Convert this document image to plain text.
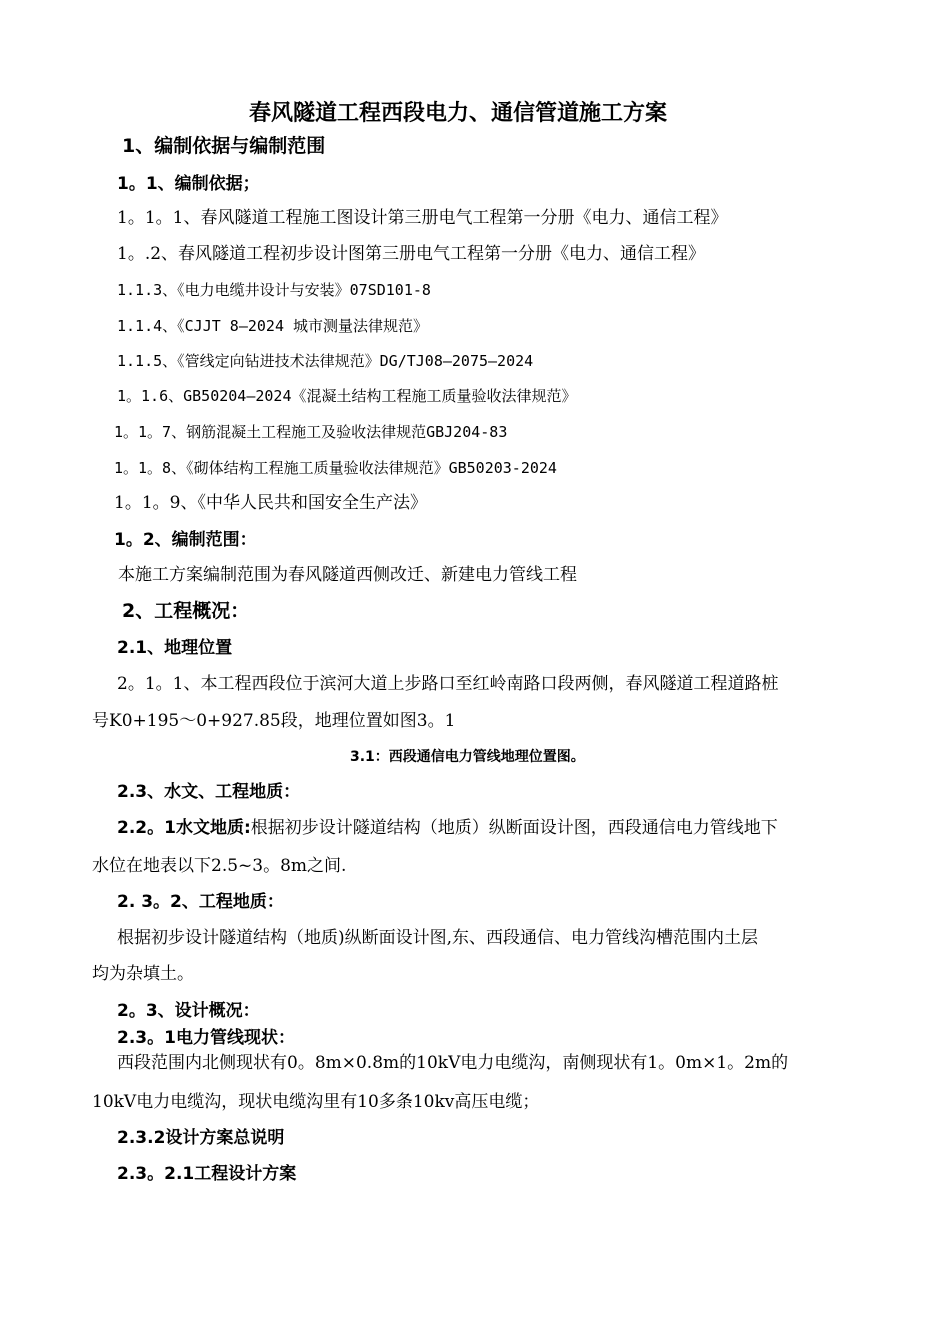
春风隧道工程西段电力、通信管道施工方案
1、编制依据与编制范围
1。1、编制依据；
1。1。1、春风隧道工程施工图设计第三册电气工程第一分册《电力、通信工程》
1。.2、春风隧道工程初步设计图第三册电气工程第一分册《电力、通信工程》
1.1.3、《电力电缆井设计与安装》07SD101-8
1.1.4、《CJJT 8—2024 城市测量法律规范》
1.1.5、《管线定向钻进技术法律规范》DG/TJ08—2075—2024
1。1.6、GB50204—2024《混凝土结构工程施工质量验收法律规范》
1。1。7、钢筋混凝土工程施工及验收法律规范GBJ204-83
1。1。8、《砌体结构工程施工质量验收法律规范》GB50203-2024
1。1。9、《中华人民共和国安全生产法》
1。2、编制范围：
本施工方案编制范围为春风隧道西侧改迁、新建电力管线工程
2、工程概况：
2.1、地理位置
2。1。1、本工程西段位于滨河大道上步路口至红岭南路口段两侧，春风隧道工程道路桩
号K0+195～0+927.85段，地理位置如图3。1
3.1：西段通信电力管线地理位置图。
2.3、水文、工程地质：
2.2。1水文地质:根据初步设计隧道结构（地质）纵断面设计图，西段通信电力管线地下
水位在地表以下2.5~3。8m之间.
2. 3。2、工程地质：
根据初步设计隧道结构（地质)纵断面设计图,东、西段通信、电力管线沟槽范围内土层
均为杂填土。
2。3、设计概况：
2.3。1电力管线现状：
西段范围内北侧现状有0。8m×0.8m的10kV电力电缆沟，南侧现状有1。0m×1。2m的
10kV电力电缆沟，现状电缆沟里有10多条10kv高压电缆；
2.3.2设计方案总说明
2.3。2.1工程设计方案
